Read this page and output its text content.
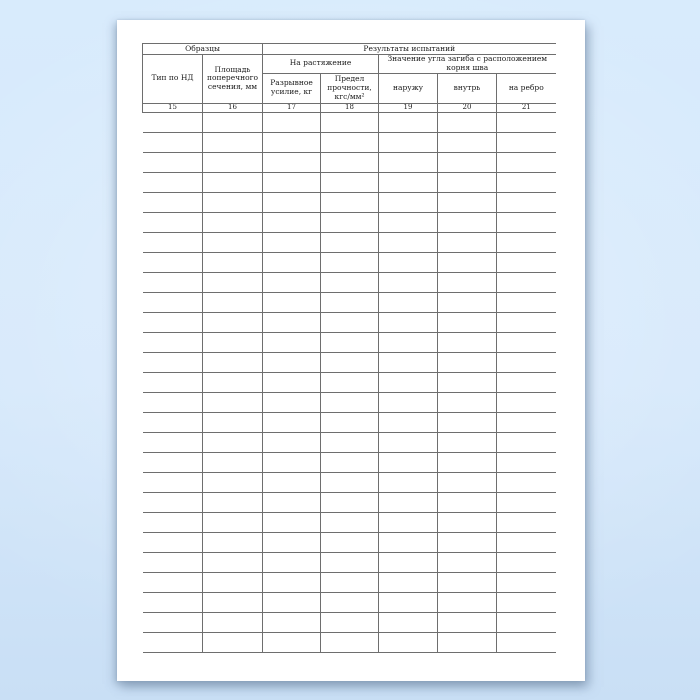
Образцы		Результаты испытаний				
Тип по НД	Площадь поперечного сечения, мм	На растяжение		Значение угла загиба с расположением корня шва		
		Разрывное усилие, кг	Предел прочности, кгс/мм²	наружу	внутрь	на ребро
15	16	17	18	19	20	21
